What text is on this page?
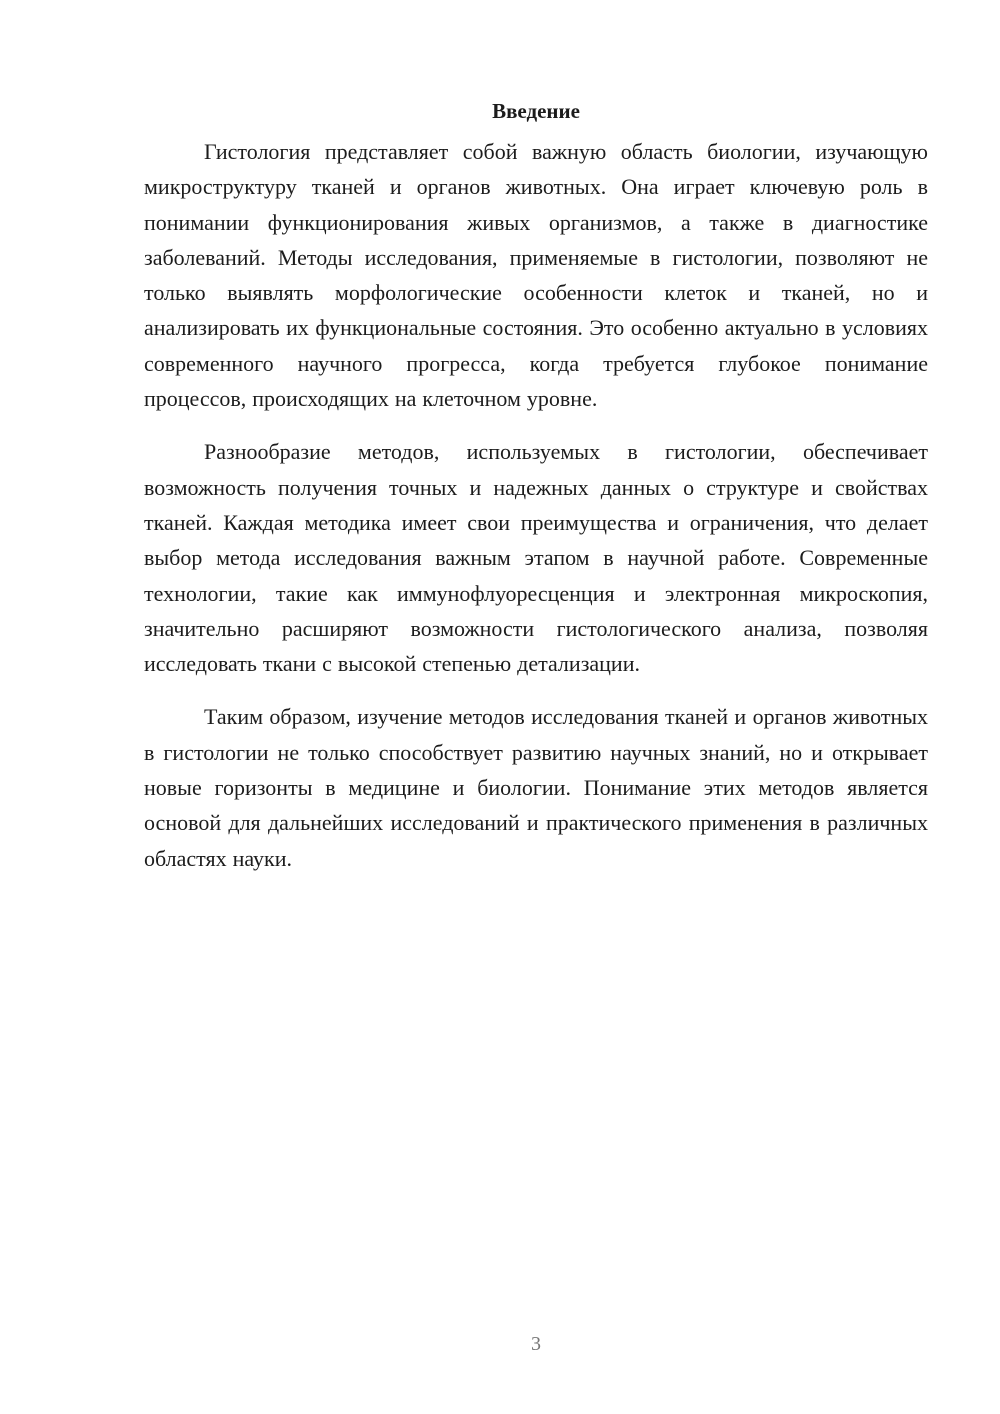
Введение

Гистология представляет собой важную область биологии, изучающую микроструктуру тканей и органов животных. Она играет ключевую роль в понимании функционирования живых организмов, а также в диагностике заболеваний. Методы исследования, применяемые в гистологии, позволяют не только выявлять морфологические особенности клеток и тканей, но и анализировать их функциональные состояния. Это особенно актуально в условиях современного научного прогресса, когда требуется глубокое понимание процессов, происходящих на клеточном уровне.

Разнообразие методов, используемых в гистологии, обеспечивает возможность получения точных и надежных данных о структуре и свойствах тканей. Каждая методика имеет свои преимущества и ограничения, что делает выбор метода исследования важным этапом в научной работе. Современные технологии, такие как иммунофлуоресценция и электронная микроскопия, значительно расширяют возможности гистологического анализа, позволяя исследовать ткани с высокой степенью детализации.

Таким образом, изучение методов исследования тканей и органов животных в гистологии не только способствует развитию научных знаний, но и открывает новые горизонты в медицине и биологии. Понимание этих методов является основой для дальнейших исследований и практического применения в различных областях науки.

3
